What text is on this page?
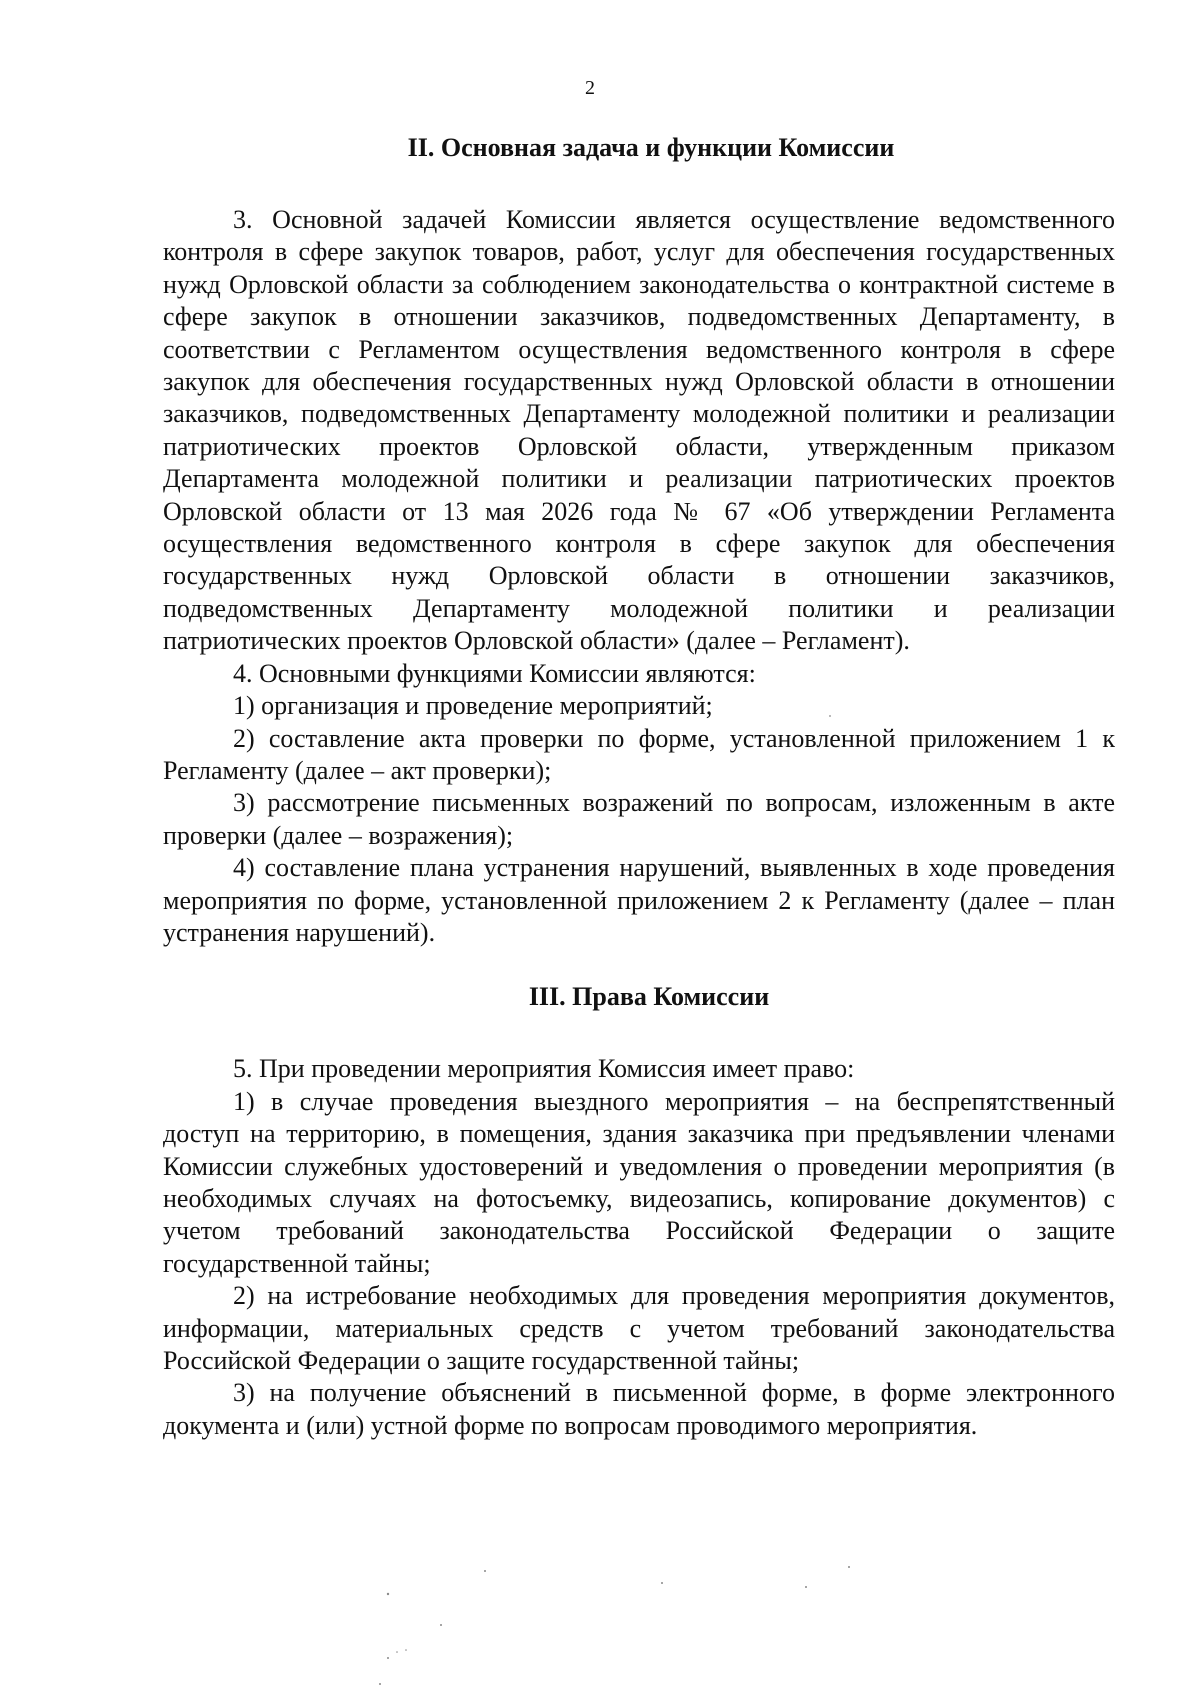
2
II. Основная задача и функции Комиссии

3. Основной задачей Комиссии является осуществление ведомственного контроля в сфере закупок товаров, работ, услуг для обеспечения государственных нужд Орловской области за соблюдением законодательства о контрактной системе в сфере закупок в отношении заказчиков, подведомственных Департаменту, в соответствии с Регламентом осуществления ведомственного контроля в сфере закупок для обеспечения государственных нужд Орловской области в отношении заказчиков, подведомственных Департаменту молодежной политики и реализации патриотических проектов Орловской области, утвержденным приказом Департамента молодежной политики и реализации патриотических проектов Орловской области от 13 мая 2026 года № 67 «Об утверждении Регламента осуществления ведомственного контроля в сфере закупок для обеспечения государственных нужд Орловской области в отношении заказчиков, подведомственных Департаменту молодежной политики и реализации патриотических проектов Орловской области» (далее – Регламент).

4. Основными функциями Комиссии являются:

1) организация и проведение мероприятий;

2) составление акта проверки по форме, установленной приложением 1 к Регламенту (далее – акт проверки);

3) рассмотрение письменных возражений по вопросам, изложенным в акте проверки (далее – возражения);

4) составление плана устранения нарушений, выявленных в ходе проведения мероприятия по форме, установленной приложением 2 к Регламенту (далее – план устранения нарушений).

III. Права Комиссии

5. При проведении мероприятия Комиссия имеет право:

1) в случае проведения выездного мероприятия – на беспрепятственный доступ на территорию, в помещения, здания заказчика при предъявлении членами Комиссии служебных удостоверений и уведомления о проведении мероприятия (в необходимых случаях на фотосъемку, видеозапись, копирование документов) с учетом требований законодательства Российской Федерации о защите государственной тайны;

2) на истребование необходимых для проведения мероприятия документов, информации, материальных средств с учетом требований законодательства Российской Федерации о защите государственной тайны;

3) на получение объяснений в письменной форме, в форме электронного документа и (или) устной форме по вопросам проводимого мероприятия.
